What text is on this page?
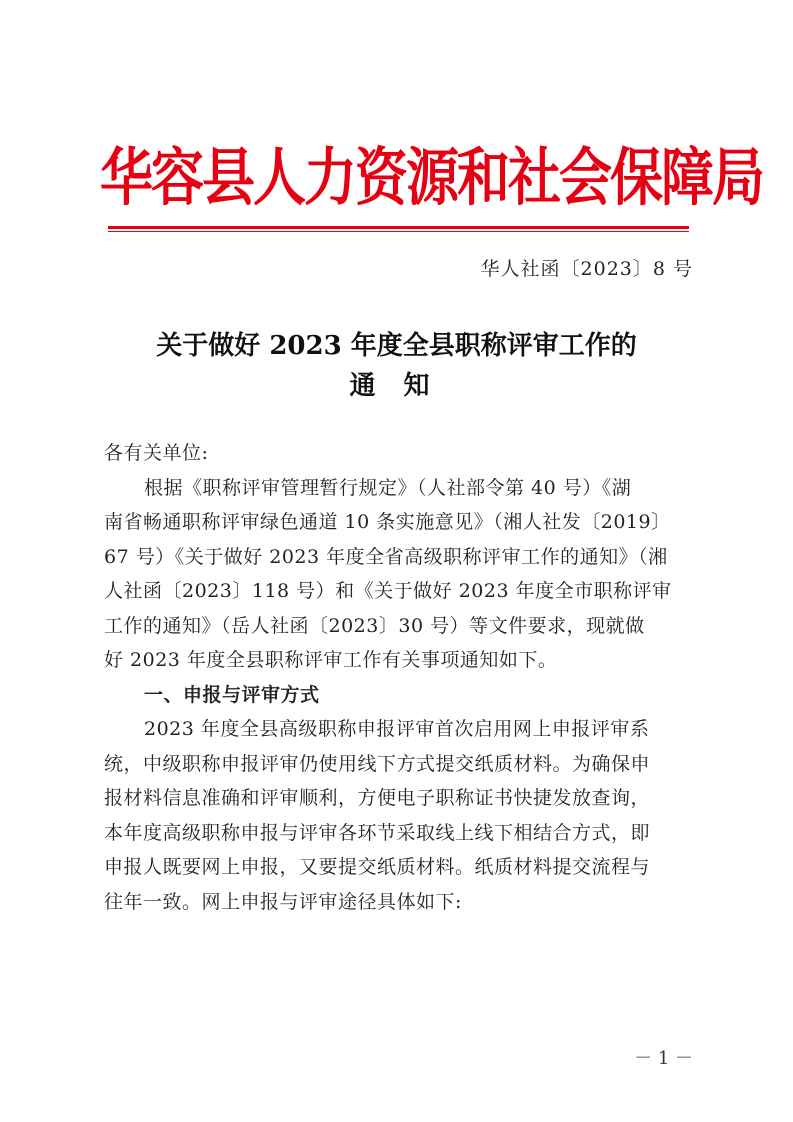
华容县人力资源和社会保障局
华人社函〔2023〕8 号
关于做好 2023 年度全县职称评审工作的
通知

各有关单位:

根据《职称评审管理暂行规定》（人社部令第 40 号）《湖
南省畅通职称评审绿色通道 10 条实施意见》（湘人社发〔2019〕
67 号）《关于做好 2023 年度全省高级职称评审工作的通知》（湘
人社函〔2023〕118 号）和《关于做好 2023 年度全市职称评审
工作的通知》（岳人社函〔2023〕30 号）等文件要求，现就做
好 2023 年度全县职称评审工作有关事项通知如下。

一、申报与评审方式

2023 年度全县高级职称申报评审首次启用网上申报评审系
统，中级职称申报评审仍使用线下方式提交纸质材料。为确保申
报材料信息准确和评审顺利，方便电子职称证书快捷发放查询，
本年度高级职称申报与评审各环节采取线上线下相结合方式，即
申报人既要网上申报，又要提交纸质材料。纸质材料提交流程与
往年一致。网上申报与评审途径具体如下:

－ 1 －
